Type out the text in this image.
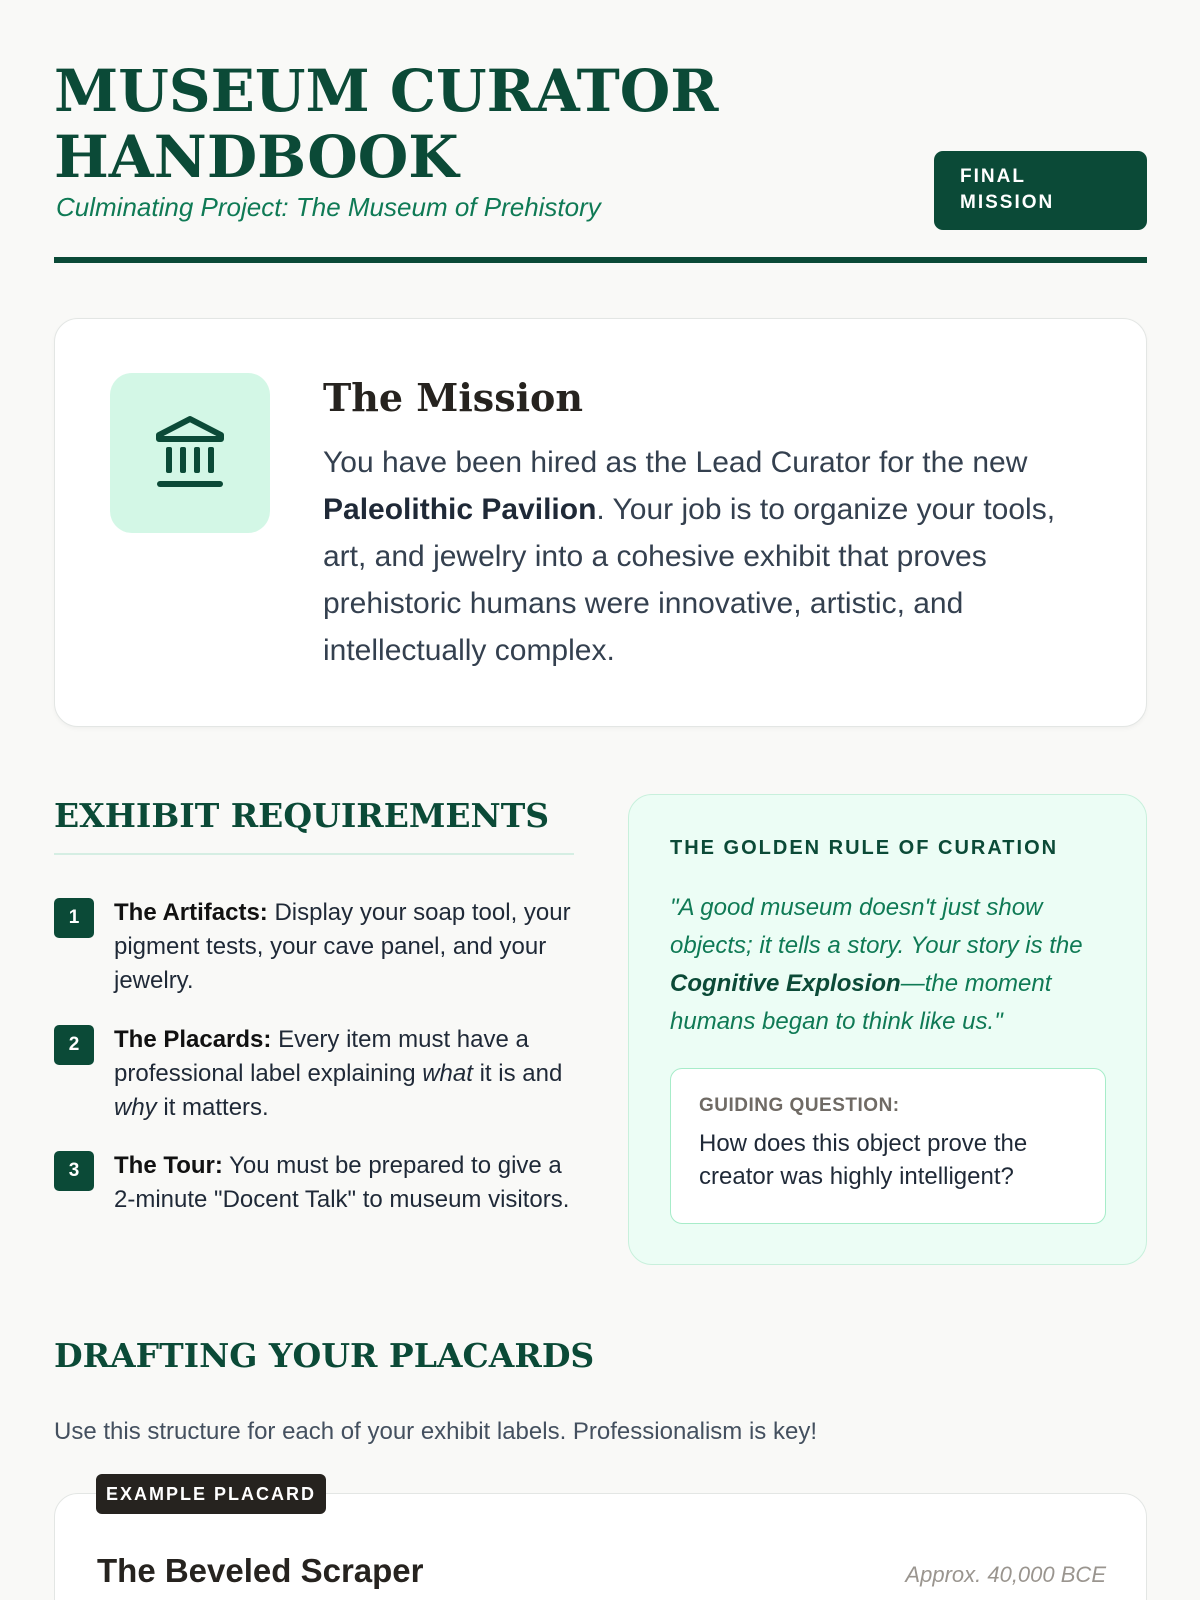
MUSEUM CURATOR
HANDBOOK
Culminating Project: The Museum of Prehistory
FINAL
MISSION
The Mission

You have been hired as the Lead Curator for the new Paleolithic Pavilion. Your job is to organize your tools, art, and jewelry into a cohesive exhibit that proves prehistoric humans were innovative, artistic, and intellectually complex.

EXHIBIT REQUIREMENTS
1	The Artifacts: Display your soap tool, your pigment tests, your cave panel, and your jewelry.

2	The Placards: Every item must have a professional label explaining what it is and why it matters.

3	The Tour: You must be prepared to give a 2-minute "Docent Talk" to museum visitors.

THE GOLDEN RULE OF CURATION

"A good museum doesn't just show objects; it tells a story. Your story is the Cognitive Explosion—the moment humans began to think like us."

GUIDING QUESTION:
How does this object prove the creator was highly intelligent?
DRAFTING YOUR PLACARDS

Use this structure for each of your exhibit labels. Professionalism is key!

EXAMPLE PLACARD
The Beveled Scraper	Approx. 40,000 BCE
